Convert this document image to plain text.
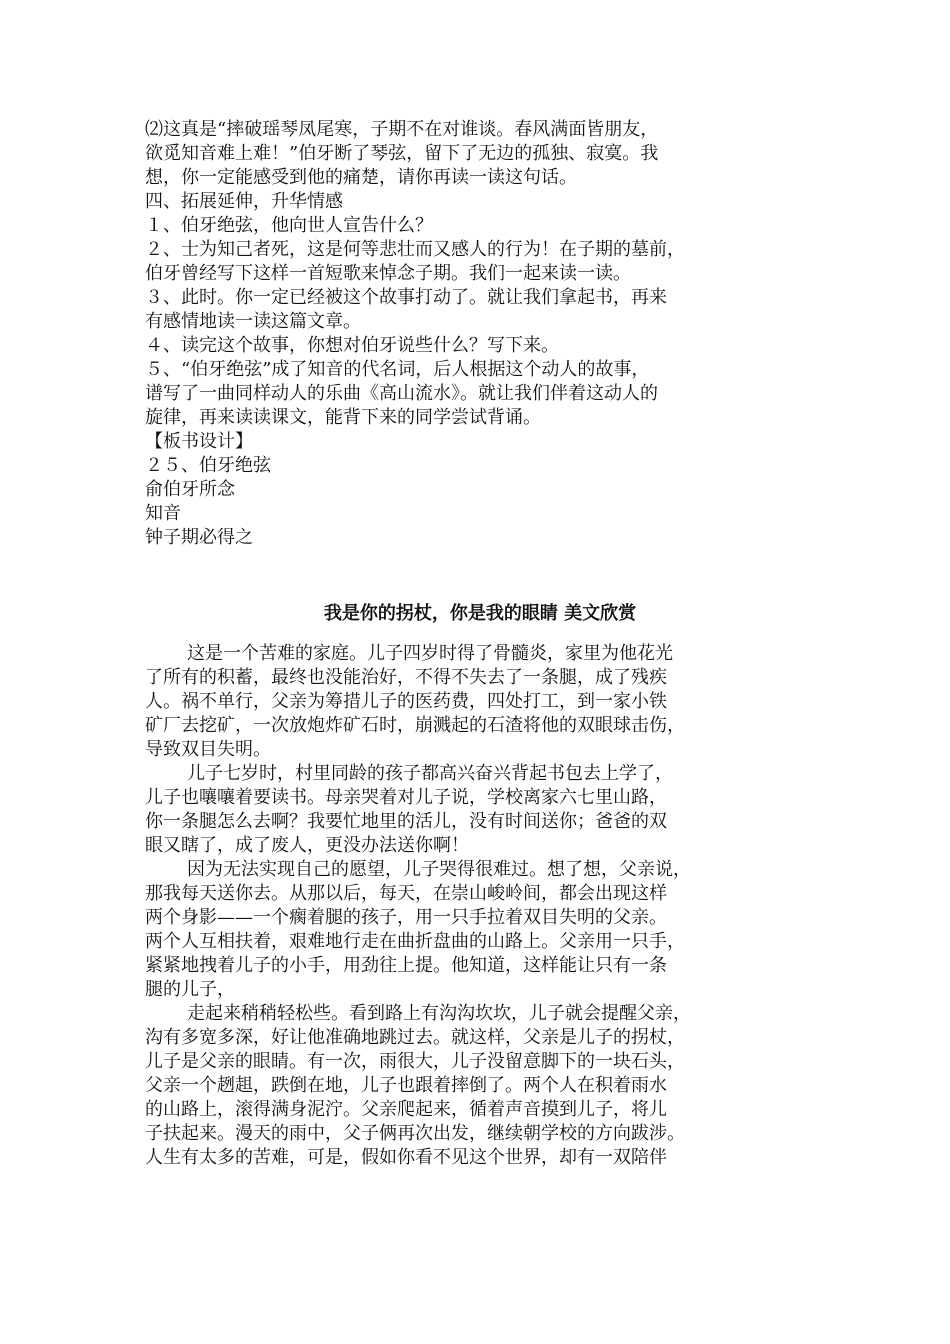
⑵这真是“摔破瑶琴凤尾寒，子期不在对谁谈。春风满面皆朋友，
欲觅知音难上难！”伯牙断了琴弦，留下了无边的孤独、寂寞。我
想，你一定能感受到他的痛楚，请你再读一读这句话。
四、拓展延伸，升华情感
１、伯牙绝弦，他向世人宣告什么？
２、士为知己者死，这是何等悲壮而又感人的行为！在子期的墓前，
伯牙曾经写下这样一首短歌来悼念子期。我们一起来读一读。
３、此时。你一定已经被这个故事打动了。就让我们拿起书，再来
有感情地读一读这篇文章。
４、读完这个故事，你想对伯牙说些什么？写下来。
５、“伯牙绝弦”成了知音的代名词，后人根据这个动人的故事，
谱写了一曲同样动人的乐曲《高山流水》。就让我们伴着这动人的
旋律，再来读读课文，能背下来的同学尝试背诵。
【板书设计】
２５、伯牙绝弦
俞伯牙所念
知音
钟子期必得之
我是你的拐杖，你是我的眼睛 美文欣赏
这是一个苦难的家庭。儿子四岁时得了骨髓炎，家里为他花光
了所有的积蓄，最终也没能治好，不得不失去了一条腿，成了残疾
人。祸不单行，父亲为筹措儿子的医药费，四处打工，到一家小铁
矿厂去挖矿，一次放炮炸矿石时，崩溅起的石渣将他的双眼球击伤，
导致双目失明。
儿子七岁时，村里同龄的孩子都高兴奋兴背起书包去上学了，
儿子也嚷嚷着要读书。母亲哭着对儿子说，学校离家六七里山路，
你一条腿怎么去啊？我要忙地里的活儿，没有时间送你；爸爸的双
眼又瞎了，成了废人，更没办法送你啊！
因为无法实现自己的愿望，儿子哭得很难过。想了想，父亲说，
那我每天送你去。从那以后，每天，在崇山峻岭间，都会出现这样
两个身影——一个瘸着腿的孩子，用一只手拉着双目失明的父亲。
两个人互相扶着，艰难地行走在曲折盘曲的山路上。父亲用一只手，
紧紧地拽着儿子的小手，用劲往上提。他知道，这样能让只有一条
腿的儿子，
走起来稍稍轻松些。看到路上有沟沟坎坎，儿子就会提醒父亲，
沟有多宽多深，好让他准确地跳过去。就这样，父亲是儿子的拐杖，
儿子是父亲的眼睛。有一次，雨很大，儿子没留意脚下的一块石头，
父亲一个趔趄，跌倒在地，儿子也跟着摔倒了。两个人在积着雨水
的山路上，滚得满身泥泞。父亲爬起来，循着声音摸到儿子，将儿
子扶起来。漫天的雨中，父子俩再次出发，继续朝学校的方向跋涉。
人生有太多的苦难，可是，假如你看不见这个世界，却有一双陪伴
